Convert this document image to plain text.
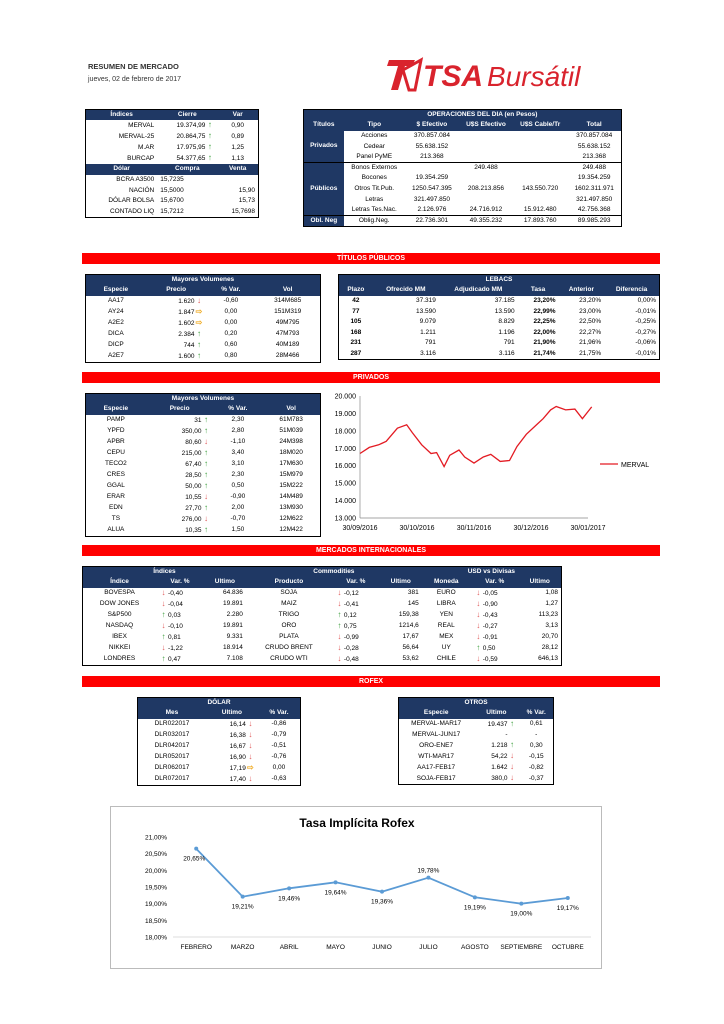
RESUMEN DE MERCADO
jueves, 02 de febrero de 2017	TSA Bursátil
Índices	Cierre	Var
MERVAL	19.374,99 ↑	0,90
MERVAL-25	20.864,75 ↑	0,89
M.AR	17.975,95 ↑	1,25
BURCAP	54.377,65 ↑	1,13
Dólar	Compra	Venta
BCRA A3500	15,7235	
NACIÓN	15,5000	15,90
DÓLAR BOLSA	15,6700	15,73
CONTADO LIQ	15,7212	15,7698
	OPERACIONES DEL DIA (en Pesos)				
Títulos	Tipo	$ Efectivo	U$S Efectivo	U$S Cable/Tr	Total
Privados	Acciones	370.857.084			370.857.084
	Cedear	55.638.152			55.638.152
	Panel PyME	213.368			213.368
Públicos	Bonos Externos		249.488		249.488
	Bocones	19.354.259			19.354.259
	Otros Tit.Pub.	1250.547.395	208.213.856	143.550.720	1602.311.971
	Letras	321.497.850			321.497.850
	Letras Tes.Nac.	2.126.976	24.716.912	15.912.480	42.756.368
Obl. Neg	Oblig.Neg.	22.736.301	49.355.232	17.893.760	89.985.293
TÍTULOS PÚBLICOS
Mayores Volumenes			
Especie	Precio	% Var.	Vol
AA17	1.620 ↓	-0,60	314M685
AY24	1.847⇨	0,00	151M319
A2E2	1.602⇨	0,00	49M795
DICA	2.384 ↑	0,20	47M793
DICP	744 ↑	0,60	40M189
A2E7	1.600 ↑	0,80	28M466
LEBACS					
Plazo	Ofrecido MM	Adjudicado MM	Tasa	Anterior	Diferencia
42	37.319	37.185	23,20%	23,20%	0,00%
77	13.590	13.590	22,99%	23,00%	-0,01%
105	9.079	8.829	22,25%	22,50%	-0,25%
168	1.211	1.196	22,00%	22,27%	-0,27%
231	791	791	21,90%	21,96%	-0,06%
287	3.116	3.116	21,74%	21,75%	-0,01%
PRIVADOS
Mayores Volumenes			
Especie	Precio	% Var.	Vol
PAMP	31 ↑	2,30	61M783
YPFD	350,00 ↑	2,80	51M039
APBR	80,60 ↓	-1,10	24M398
CEPU	215,00 ↑	3,40	18M020
TECO2	67,40 ↑	3,10	17M630
CRES	28,50 ↑	2,30	15M979
GGAL	50,00 ↑	0,50	15M222
ERAR	10,55 ↓	-0,90	14M489
EDN	27,70 ↑	2,00	13M930
TS	276,00 ↓	-0,70	12M622
ALUA	10,35 ↑	1,50	12M422
13.000
14.000
15.000
16.000
17.000
18.000
19.000
20.000
30/09/2016	30/10/2016	30/11/2016	30/12/2016	30/01/2017
MERVAL
MERCADOS INTERNACIONALES
Índices			Commodities			USD vs Divisas		
Índice	Var. %	Ultimo	Producto	Var. %	Ultimo	Moneda	Var. %	Ultimo
BOVESPA	↓ -0,40	64.836	SOJA	↓ -0,12	381	EURO	↓ -0,05	1,08
DOW JONES	↓ -0,04	19.891	MAIZ	↓ -0,41	145	LIBRA	↓ -0,90	1,27
S&P500	↑ 0,03	2.280	TRIGO	↑ 0,12	159,38	YEN	↓ -0,43	113,23
NASDAQ	↓ -0,10	19.891	ORO	↑ 0,75	1214,6	REAL	↓ -0,27	3,13
IBEX	↑ 0,81	9.331	PLATA	↓ -0,99	17,67	MEX	↓ -0,91	20,70
NIKKEI	↓ -1,22	18.914	CRUDO BRENT	↓ -0,28	56,64	UY	↑ 0,50	28,12
LONDRES	↑ 0,47	7.108	CRUDO WTI	↓ -0,48	53,62	CHILE	↓ -0,59	646,13
ROFEX
DÓLAR		
Mes	Ultimo	% Var.
DLR022017	16,14 ↓	-0,86
DLR032017	16,38 ↓	-0,79
DLR042017	16,67 ↓	-0,51
DLR052017	16,90 ↓	-0,76
DLR062017	17,19⇨	0,00
DLR072017	17,40 ↓	-0,63
OTROS		
Especie	Ultimo	% Var.
MERVAL-MAR17	19.437 ↑	0,61
MERVAL-JUN17	-	-
ORO-ENE7	1.218 ↑	0,30
WTI-MAR17	54,22 ↓	-0,15
AA17-FEB17	1.642 ↓	-0,82
SOJA-FEB17	380,0 ↓	-0,37
Tasa Implícita Rofex
18,00%
18,50%
19,00%
19,50%
20,00%
20,50%
21,00%
FEBRERO	MARZO	ABRIL	MAYO	JUNIO	JULIO	AGOSTO SEPTIEMBRE OCTUBRE
20,65%
19,21%
19,46%
19,64%
19,36%
19,78%
19,19%
19,00%
19,17%
